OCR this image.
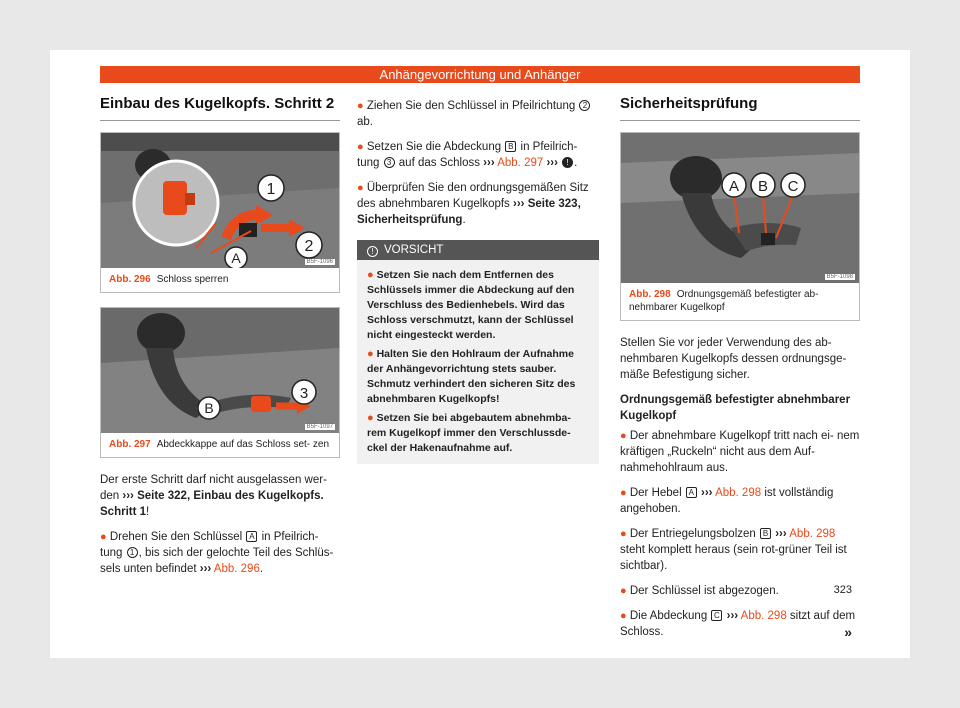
Anhängevorrichtung und Anhänger
Einbau des Kugelkopfs. Schritt 2
1
2
A	B5F-1096
Abb. 296 Schloss sperren
B
3
B5F-1097
Abb. 297 Abdeckkappe auf das Schloss set- zen

Der erste Schritt darf nicht ausgelassen wer- den ››› Seite 322, Einbau des Kugelkopfs. Schritt 1!

● Drehen Sie den Schlüssel A in Pfeilrich- tung 1 , bis sich der gelochte Teil des Schlüs- sels unten befindet ››› Abb. 296.

● Ziehen Sie den Schlüssel in Pfeilrichtung 2 ab.

● Setzen Sie die Abdeckung B in Pfeilrich- tung 3 auf das Schloss ››› Abb. 297 ››› ! .

● Überprüfen Sie den ordnungsgemäßen Sitz des abnehmbaren Kugelkopfs ››› Seite 323, Sicherheitsprüfung.

! VORSICHT

● Setzen Sie nach dem Entfernen des Schlüssels immer die Abdeckung auf den Verschluss des Bedienhebels. Wird das Schloss verschmutzt, kann der Schlüssel nicht eingesteckt werden.

● Halten Sie den Hohlraum der Aufnahme der Anhängevorrichtung stets sauber. Schmutz verhindert den sicheren Sitz des abnehmbaren Kugelkopfs!

● Setzen Sie bei abgebautem abnehmba- rem Kugelkopf immer den Verschlussde- ckel der Hakenaufnahme auf.

Sicherheitsprüfung
A B C
B5F-1098
Abb. 298 Ordnungsgemäß befestigter ab- nehmbarer Kugelkopf

Stellen Sie vor jeder Verwendung des ab- nehmbaren Kugelkopfs dessen ordnungsge- mäße Befestigung sicher.

Ordnungsgemäß befestigter abnehmbarer Kugelkopf

● Der abnehmbare Kugelkopf tritt nach ei- nem kräftigen „Ruckeln“ nicht aus dem Auf- nahmehohlraum aus.

● Der Hebel A ››› Abb. 298 ist vollständig angehoben.

● Der Entriegelungsbolzen B ››› Abb. 298 steht komplett heraus (sein rot-grüner Teil ist sichtbar).

● Der Schlüssel ist abgezogen.

● Die Abdeckung C ››› Abb. 298 sitzt auf dem Schloss.	»
323
